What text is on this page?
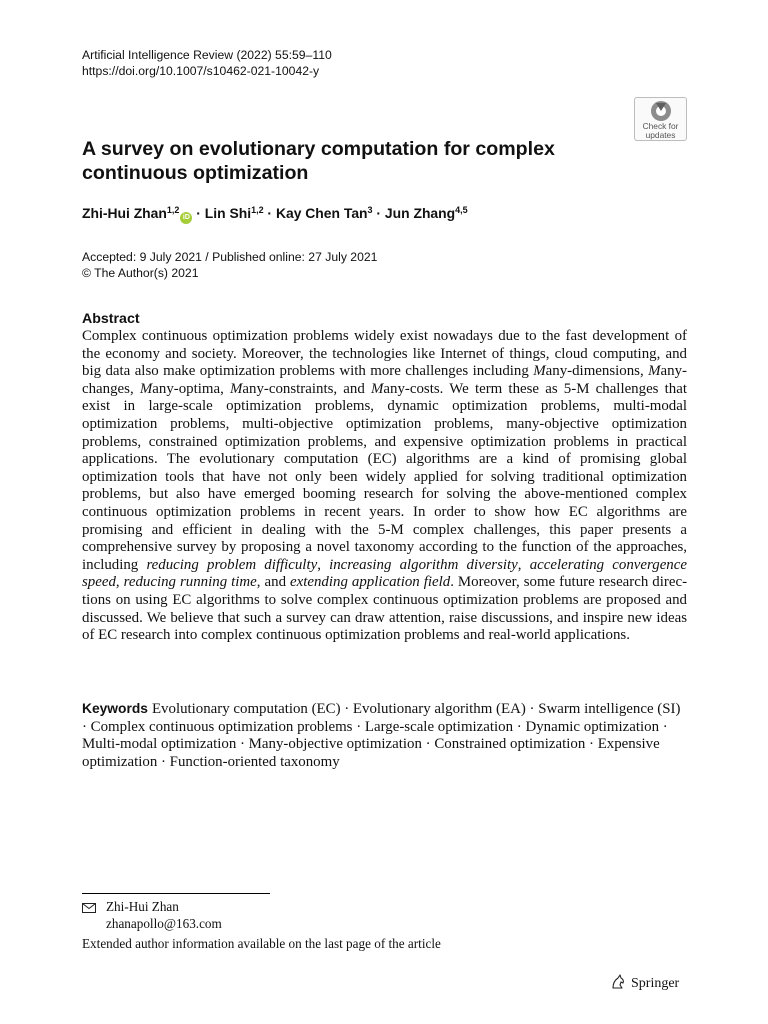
Artificial Intelligence Review (2022) 55:59–110
https://doi.org/10.1007/s10462-021-10042-y
Check for
updates
A survey on evolutionary computation for complex continuous optimization
Zhi-Hui Zhan$^{1,2}$iD · Lin Shi$^{1,2}$ · Kay Chen Tan$^3$ · Jun Zhang$^{4,5}$
Accepted: 9 July 2021 / Published online: 27 July 2021
© The Author(s) 2021
Abstract

Complex continuous optimization problems widely exist nowadays due to the fast development of the economy and society. Moreover, the technologies like Internet of things, cloud computing, and big data also make optimization problems with more challenges including Many-dimensions, Many-changes, Many-optima, Many-constraints, and Many-costs. We term these as 5-M challenges that exist in large-scale optimization problems, dynamic optimization problems, multi-modal optimization problems, multi-objective optimization problems, many-objective optimization problems, constrained optimization problems, and expensive optimization problems in practical applications. The evolutionary computation (EC) algorithms are a kind of promising global optimization tools that have not only been widely applied for solving traditional optimization problems, but also have emerged booming research for solving the above-mentioned complex continuous optimization problems in recent years. In order to show how EC algorithms are promising and efficient in dealing with the 5-M complex challenges, this paper presents a comprehensive survey by proposing a novel taxonomy according to the function of the approaches, including reducing problem difficulty, increasing algorithm diversity, accelerating convergence speed, reducing running time, and extending application field. Moreover, some future research directions on using EC algorithms to solve complex continuous optimization problems are proposed and discussed. We believe that such a survey can draw attention, raise discussions, and inspire new ideas of EC research into complex continuous optimization problems and real-world applications.

Keywords Evolutionary computation (EC) · Evolutionary algorithm (EA) · Swarm intelligence (SI) · Complex continuous optimization problems · Large-scale optimization · Dynamic optimization · Multi-modal optimization · Many-objective optimization · Constrained optimization · Expensive optimization · Function-oriented taxonomy

Zhi-Hui Zhan
zhanapollo@163.com
Extended author information available on the last page of the article
Springer
